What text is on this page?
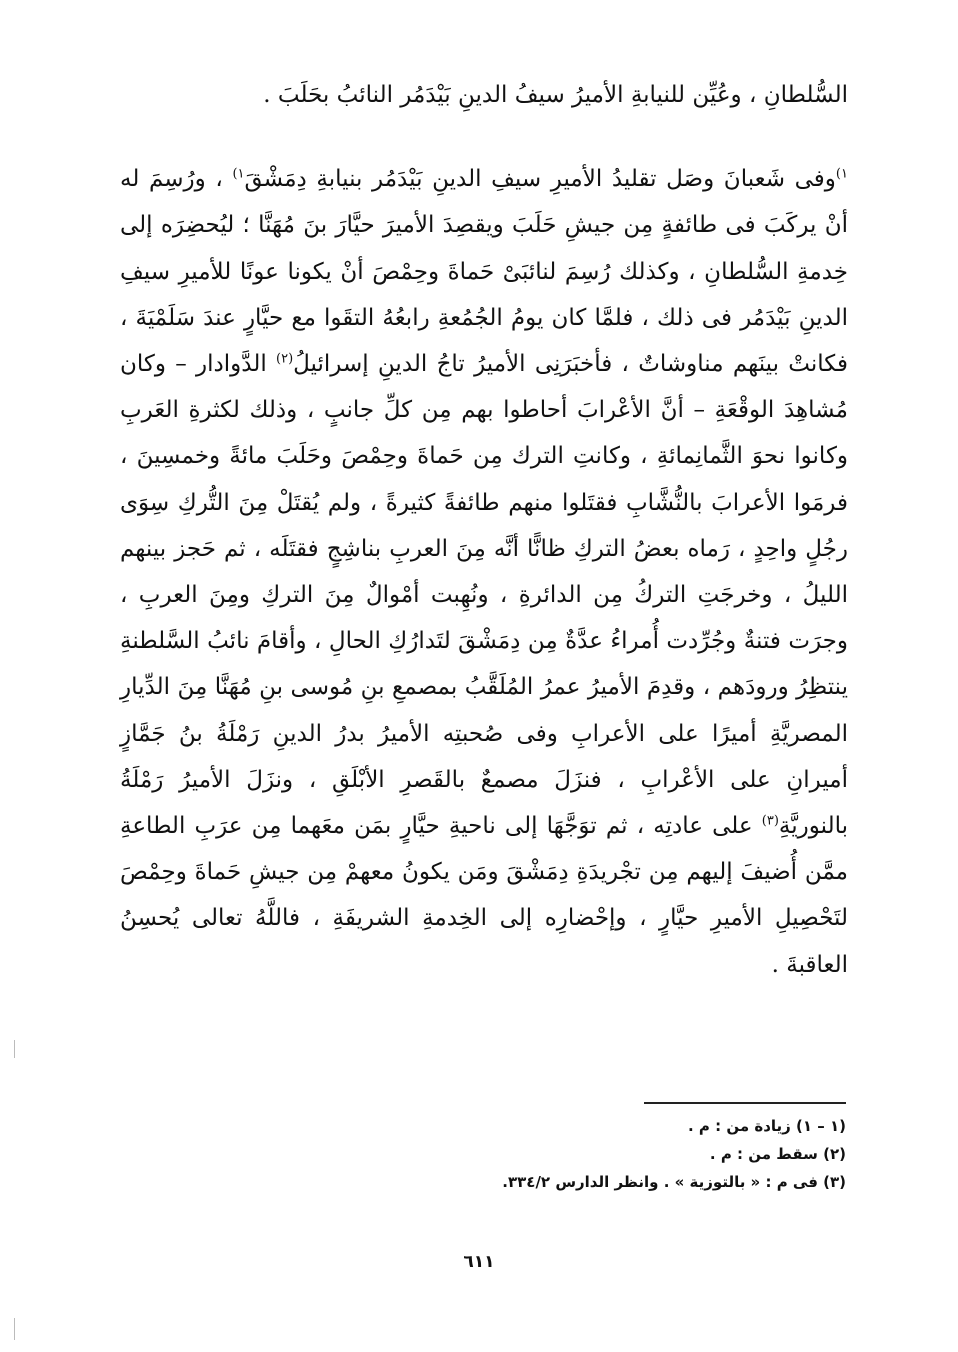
السُّلطانِ ، وعُيِّن للنيابةِ الأميرُ سيفُ الدينِ بَيْدَمُر النائبُ بحَلَبَ .

$^{١)}$وفى شَعبانَ وصَل تقليدُ الأميرِ سيفِ الدينِ بَيْدَمُر بنيابةِ دِمَشْقَ$^{١)}$ ، ورُسِمَ له أنْ يركَبَ فى طائفةٍ مِن جيشِ حَلَبَ ويقصِدَ الأميرَ حيَّارَ بنَ مُهَنَّا ؛ ليُحضِرَه إلى خِدمةِ السُّلطانِ ، وكذلك رُسِمَ لنائبَىْ حَماةَ وحِمْصَ أنْ يكونا عونًا للأميرِ سيفِ الدينِ بَيْدَمُر فى ذلك ، فلمَّا كان يومُ الجُمُعةِ رابعُهُ التقَوا مع حيَّارٍ عندَ سَلَمْيَةَ ، فكانتْ بينَهم مناوشاتٌ ، فأخبَرَنِى الأميرُ تاجُ الدينِ إسرائيلُ$^{(٢)}$ الدَّوادار – وكان مُشاهِدَ الوقْعَةِ – أنَّ الأعْرابَ أحاطوا بهم مِن كلِّ جانبٍ ، وذلك لكثرةِ العَربِ وكانوا نحوَ الثَّمانِمائةِ ، وكانتِ الترك مِن حَماةَ وحِمْصَ وحَلَبَ مائةً وخمسِينَ ، فرمَوا الأعرابَ بالنُّشَّابِ فقتَلوا منهم طائفةً كثيرةً ، ولم يُقتَلْ مِنَ التُّركِ سِوَى رجُلٍ واحِدٍ ، رَماه بعضُ التركِ ظانًّا أنَّه مِنَ العربِ بناشِجٍ فقتَلَه ، ثم حَجز بينهم الليلُ ، وخرجَتِ التركُ مِن الدائرةِ ، ونُهِبت أمْوالٌ مِنَ التركِ ومِنَ العربِ ، وجرَت فتنةٌ وجُرِّدت أُمراءُ عدَّةٌ مِن دِمَشْقَ لتَدارُكِ الحالِ ، وأقامَ نائبُ السَّلطنةِ ينتظِرُ ورودَهم ، وقدِمَ الأميرُ عمرُ المُلَقَّبُ بمصمعِ بنِ مُوسى بنِ مُهَنَّا مِنَ الدِّيارِ المصريَّةِ أميرًا على الأعرابِ وفى صُحبتِه الأميرُ بدرُ الدينِ رَمْلَةُ بنُ جَمَّازٍ أميرانِ على الأعْرابِ ، فنزَلَ مصمعٌ بالقَصرِ الأبْلَقِ ، ونزَلَ الأميرُ رَمْلَةُ بالنوريَّةِ$^{(٣)}$ على عادتِه ، ثم توَجَّهَا إلى ناحيةِ حيَّارٍ بمَن معَهما مِن عرَبِ الطاعةِ ممَّن أُضيفَ إليهم مِن تجْريدَةِ دِمَشْقَ ومَن يكونُ معهمْ مِن جيشِ حَماةَ وحِمْصَ لتَحْصِيلِ الأميرِ حيَّارٍ ، وإحْضارِه إلى الخِدمةِ الشريفَةِ ، فاللَّهُ تعالى يُحسِنُ العاقبةَ .

(١ – ١) زيادة من : م .
(٢) سقط من : م .
(٣) فى م : « بالتوزية » . وانظر الدارس ٣٣٤/٢.
٦١١
